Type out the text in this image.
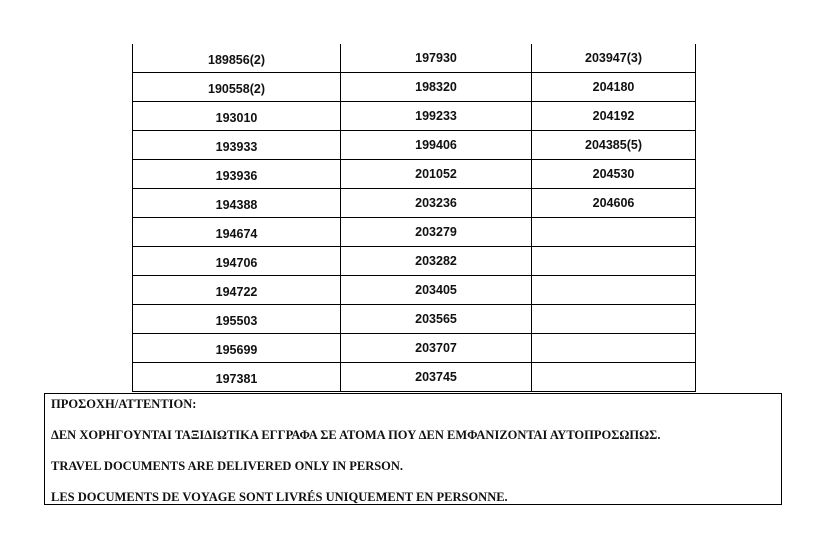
189856(2)	197930	203947(3)
190558(2)	198320	204180
193010	199233	204192
193933	199406	204385(5)
193936	201052	204530
194388	203236	204606
194674	203279	
194706	203282	
194722	203405	
195503	203565	
195699	203707	
197381	203745	
ΠΡΟΣΟΧΗ/ATTENTION:
ΔΕΝ ΧΟΡΗΓΟΥΝΤΑΙ ΤΑΞΙΔΙΩΤΙΚΑ ΕΓΓΡΑΦΑ ΣΕ ΑΤΟΜΑ ΠΟΥ ΔΕΝ ΕΜΦΑΝΙΖΟΝΤΑΙ ΑΥΤΟΠΡΟΣΩΠΩΣ.
TRAVEL DOCUMENTS ARE DELIVERED ONLY IN PERSON.
LES DOCUMENTS DE VOYAGE SONT LIVRÉS UNIQUEMENT EN PERSONNE.
